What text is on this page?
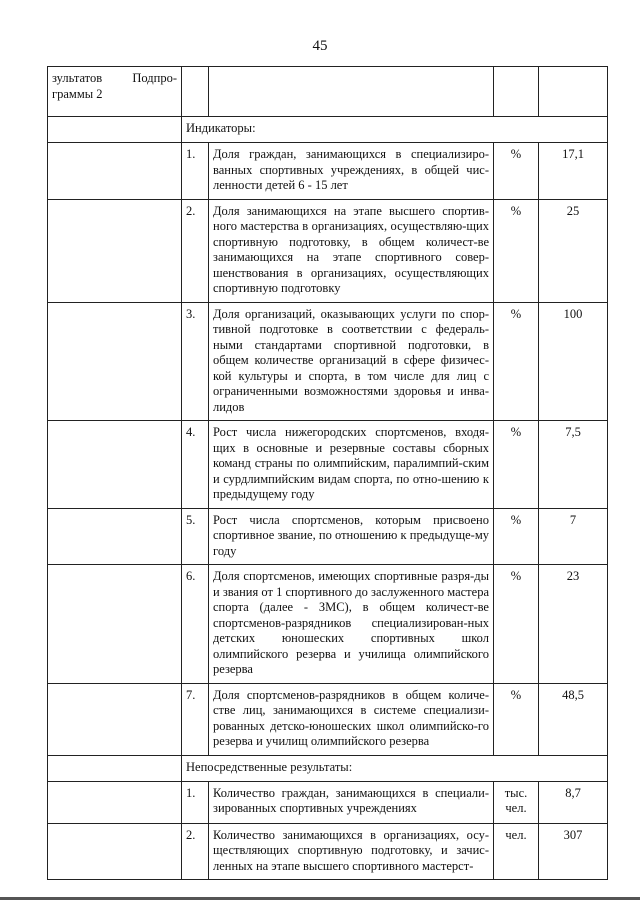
45
зультатов Подпро-
граммы 2				
	Индикаторы:			
	1.	Доля граждан, занимающихся в специализиро-ванных спортивных учреждениях, в общей чис-ленности детей 6 - 15 лет	%	17,1
	2.	Доля занимающихся на этапе высшего спортив-ного мастерства в организациях, осуществляю-щих спортивную подготовку, в общем количест-ве занимающихся на этапе спортивного совер-шенствования в организациях, осуществляющих спортивную подготовку	%	25
	3.	Доля организаций, оказывающих услуги по спор-тивной подготовке в соответствии с федераль-ными стандартами спортивной подготовки, в общем количестве организаций в сфере физичес-кой культуры и спорта, в том числе для лиц с ограниченными возможностями здоровья и инва-лидов	%	100
	4.	Рост числа нижегородских спортсменов, входя-щих в основные и резервные составы сборных команд страны по олимпийским, паралимпий-ским и сурдлимпийским видам спорта, по отно-шению к предыдущему году	%	7,5
	5.	Рост числа спортсменов, которым присвоено спортивное звание, по отношению к предыдуще-му году	%	7
	6.	Доля спортсменов, имеющих спортивные разря-ды и звания от 1 спортивного до заслуженного мастера спорта (далее - ЗМС), в общем количест-ве спортсменов-разрядников специализирован-ных детских юношеских спортивных школ олимпийского резерва и училища олимпийского резерва	%	23
	7.	Доля спортсменов-разрядников в общем количе-стве лиц, занимающихся в системе специализи-рованных детско-юношеских школ олимпийско-го резерва и училищ олимпийского резерва	%	48,5
	Непосредственные результаты:			
	1.	Количество граждан, занимающихся в специали-зированных спортивных учреждениях	тыс. чел.	8,7
	2.	Количество занимающихся в организациях, осу-ществляющих спортивную подготовку, и зачис-ленных на этапе высшего спортивного мастерст-	чел.	307
